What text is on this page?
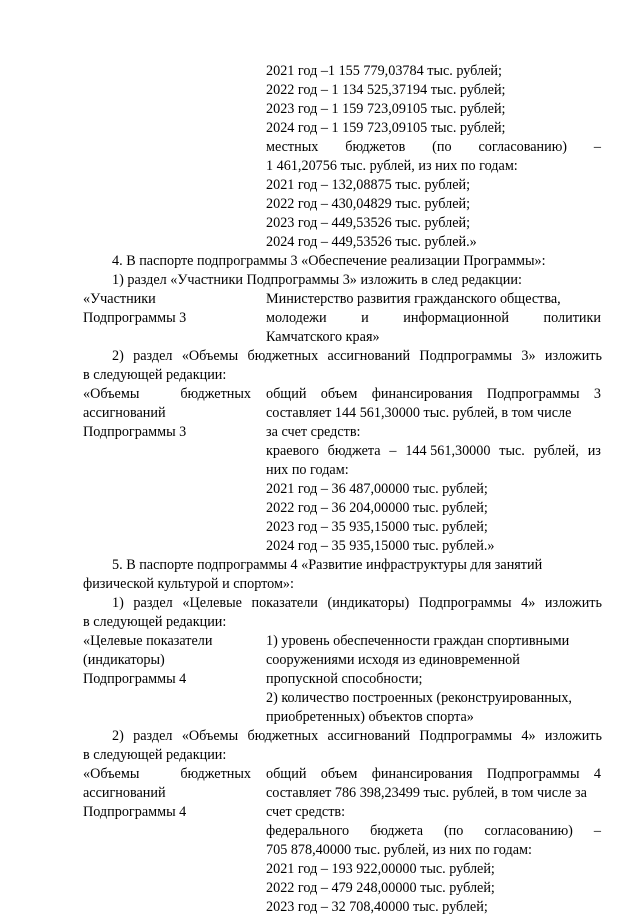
2021 год –1 155 779,03784 тыс. рублей;
2022 год – 1 134 525,37194 тыс. рублей;
2023 год – 1 159 723,09105 тыс. рублей;
2024 год – 1 159 723,09105 тыс. рублей;
местных бюджетов (по согласованию) –
1 461,20756 тыс. рублей, из них по годам:
2021 год – 132,08875 тыс. рублей;
2022 год – 430,04829 тыс. рублей;
2023 год – 449,53526 тыс. рублей;
2024 год – 449,53526 тыс. рублей.»
4. В паспорте подпрограммы 3 «Обеспечение реализации Программы»:
1) раздел «Участники Подпрограммы 3» изложить в след редакции:
«Участники
Подпрограммы 3
Министерство развития гражданского общества,
молодежи и информационной политики
Камчатского края»
2) раздел «Объемы бюджетных ассигнований Подпрограммы 3» изложить
в следующей редакции:
«Объемы	бюджетных
ассигнований
Подпрограммы 3
общий объем финансирования Подпрограммы 3
составляет 144 561,30000 тыс. рублей, в том числе
за счет средств:
краевого бюджета – 144 561,30000 тыс. рублей, из
них по годам:
2021 год – 36 487,00000 тыс. рублей;
2022 год – 36 204,00000 тыс. рублей;
2023 год – 35 935,15000 тыс. рублей;
2024 год – 35 935,15000 тыс. рублей.»
5. В паспорте подпрограммы 4 «Развитие инфраструктуры для занятий
физической культурой и спортом»:
1) раздел «Целевые показатели (индикаторы) Подпрограммы 4» изложить
в следующей редакции:
«Целевые показатели
(индикаторы)
Подпрограммы 4
1) уровень обеспеченности граждан спортивными
сооружениями исходя из единовременной
пропускной способности;
2) количество построенных (реконструированных,
приобретенных) объектов спорта»
2) раздел «Объемы бюджетных ассигнований Подпрограммы 4» изложить
в следующей редакции:
«Объемы	бюджетных
ассигнований
Подпрограммы 4
общий объем финансирования Подпрограммы 4
составляет 786 398,23499 тыс. рублей, в том числе за
счет средств:
федерального бюджета (по согласованию) –
705 878,40000 тыс. рублей, из них по годам:
2021 год – 193 922,00000 тыс. рублей;
2022 год – 479 248,00000 тыс. рублей;
2023 год – 32 708,40000 тыс. рублей;
